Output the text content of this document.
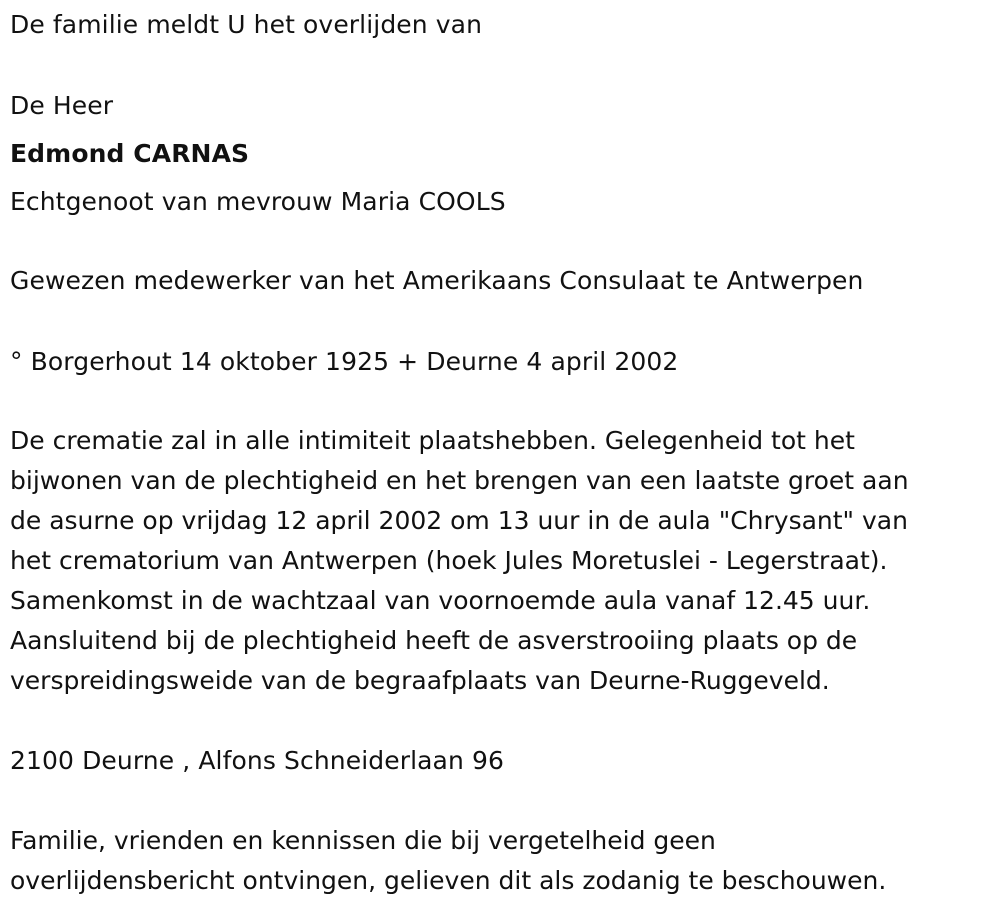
De familie meldt U het overlijden van
De Heer
Edmond CARNAS
Echtgenoot van mevrouw Maria COOLS
Gewezen medewerker van het Amerikaans Consulaat te Antwerpen
° Borgerhout 14 oktober 1925 + Deurne 4 april 2002
De crematie zal in alle intimiteit plaatshebben. Gelegenheid tot het
bijwonen van de plechtigheid en het brengen van een laatste groet aan
de asurne op vrijdag 12 april 2002 om 13 uur in de aula "Chrysant" van
het crematorium van Antwerpen (hoek Jules Moretuslei - Legerstraat).
Samenkomst in de wachtzaal van voornoemde aula vanaf 12.45 uur.
Aansluitend bij de plechtigheid heeft de asverstrooiing plaats op de
verspreidingsweide van de begraafplaats van Deurne-Ruggeveld.
2100 Deurne , Alfons Schneiderlaan 96
Familie, vrienden en kennissen die bij vergetelheid geen
overlijdensbericht ontvingen, gelieven dit als zodanig te beschouwen.
